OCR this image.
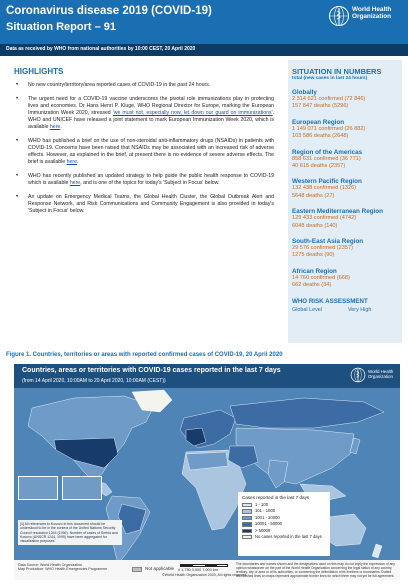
Coronavirus disease 2019 (COVID-19)
Situation Report – 91
World Health Organization
Data as received by WHO from national authorities by 10:00 CEST, 20 April 2020
HIGHLIGHTS
• No new country/territory/area reported cases of COVID-19 in the past 24 hours.
• The urgent need for a COVID-19 vaccine underscores the pivotal role immunizations play in protecting lives and economies. Dr Hans Henri P. Kluge, WHO Regional Director for Europe, marking the European Immunization Week 2020, stressed 'we must not, especially now, let down our guard on immunizations'. WHO and UNICEF have released a joint statement to mark European Immunization Week 2020, which is available here.
• WHO has published a brief on the use of non-steroidal anti-inflammatory drugs (NSAIDs) in patients with COVID-19. Concerns have been raised that NSAIDs may be associated with an increased risk of adverse effects. However, as explained in the brief, at present there is no evidence of severe adverse effects. The brief is available here.
• WHO has recently published an updated strategy to help guide the public health response to COVID-19 which is available here, and is one of the topics for today's 'Subject in Focus' below.
• An update on Emergency Medical Teams, the Global Health Cluster, the Global Outbreak Alert and Response Network, and Risk Communications and Community Engagement is also provided in today's 'Subject in Focus' below.
SITUATION IN NUMBERS
total (new cases in last 24 hours)
Globally
2 314 621 confirmed (72 846)
157 847 deaths (5296)
European Region
1 149 071 confirmed (26 882)
103 586 deaths (2648)
Region of the Americas
858 631 confirmed (36 771)
40 615 deaths (2357)
Western Pacific Region
132 438 confirmed (1326)
5648 deaths (27)
Eastern Mediterranean Region
129 433 confirmed (4742)
6048 deaths (140)
South-East Asia Region
29 576 confirmed (2357)
1275 deaths (90)
African Region
14 760 confirmed (668)
662 deaths (34)
WHO RISK ASSESSMENT
Global Level	Very High
Figure 1. Countries, territories or areas with reported confirmed cases of COVID-19, 20 April 2020
Countries, areas or territories with COVID-19 cases reported in the last 7 days
(from 14 April 2020, 10:00AM to 20 April 2020, 10:00AM (CEST))
World Health Organization
Cases reported in the last 7 days
1 - 100
101 - 1000
1001 - 10000
10001 - 50000
> 50000
No cases reported in the last 7 days
[1] All references to Kosovo in this document should be understood to be in the context of the United Nations Security Council resolution 1244 (1999). Number of cases of Serbia and Kosovo (UNSCR 1244, 1999) have been aggregated for visualization purposes.
Data Source: World Health Organization
Map Production: WHO Health Emergencies Programme	Not applicable 0 1,750 3,500 7,000 km
©World Health Organization 2020, All rights reserved.
The boundaries and names shown and the designations used on this map do not imply the expression of any opinion whatsoever on the part of the World Health Organization concerning the legal status of any country, territory, city or area or of its authorities, or concerning the delimitation of its frontiers or boundaries. Dotted and dashed lines on maps represent approximate border lines for which there may not yet be full agreement.
